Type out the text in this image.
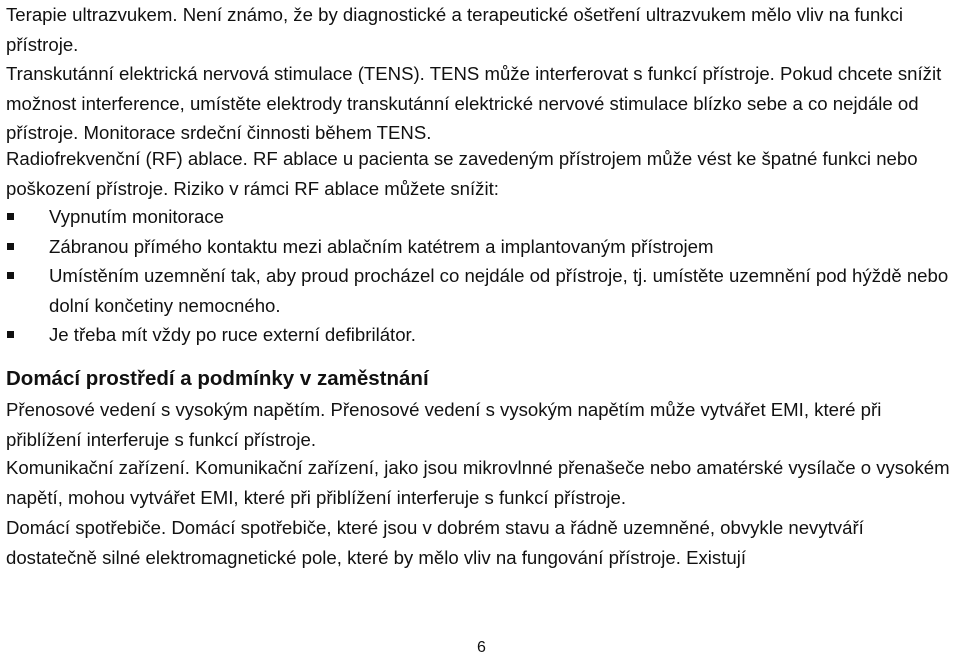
Terapie ultrazvukem. Není známo, že by diagnostické a terapeutické ošetření ultrazvukem mělo vliv na funkci přístroje.

Transkutánní elektrická nervová stimulace (TENS). TENS může interferovat s funkcí přístroje. Pokud chcete snížit možnost interference, umístěte elektrody transkutánní elektrické nervové stimulace blízko sebe a co nejdále od přístroje. Monitorace srdeční činnosti během TENS.

Radiofrekvenční (RF) ablace. RF ablace u pacienta se zavedeným přístrojem může vést ke špatné funkci nebo poškození přístroje. Riziko v rámci RF ablace můžete snížit:

Vypnutím monitorace
Zábranou přímého kontaktu mezi ablačním katétrem a implantovaným přístrojem
Umístěním uzemnění tak, aby proud procházel co nejdále od přístroje, tj. umístěte uzemnění pod hýždě nebo dolní končetiny nemocného.
Je třeba mít vždy po ruce externí defibrilátor.
Domácí prostředí a podmínky v zaměstnání

Přenosové vedení s vysokým napětím. Přenosové vedení s vysokým napětím může vytvářet EMI, které při přiblížení interferuje s funkcí přístroje.

Komunikační zařízení. Komunikační zařízení, jako jsou mikrovlnné přenašeče nebo amatérské vysílače o vysokém napětí, mohou vytvářet EMI, které při přiblížení interferuje s funkcí přístroje.

Domácí spotřebiče. Domácí spotřebiče, které jsou v dobrém stavu a řádně uzemněné, obvykle nevytváří dostatečně silné elektromagnetické pole, které by mělo vliv na fungování přístroje. Existují

6
